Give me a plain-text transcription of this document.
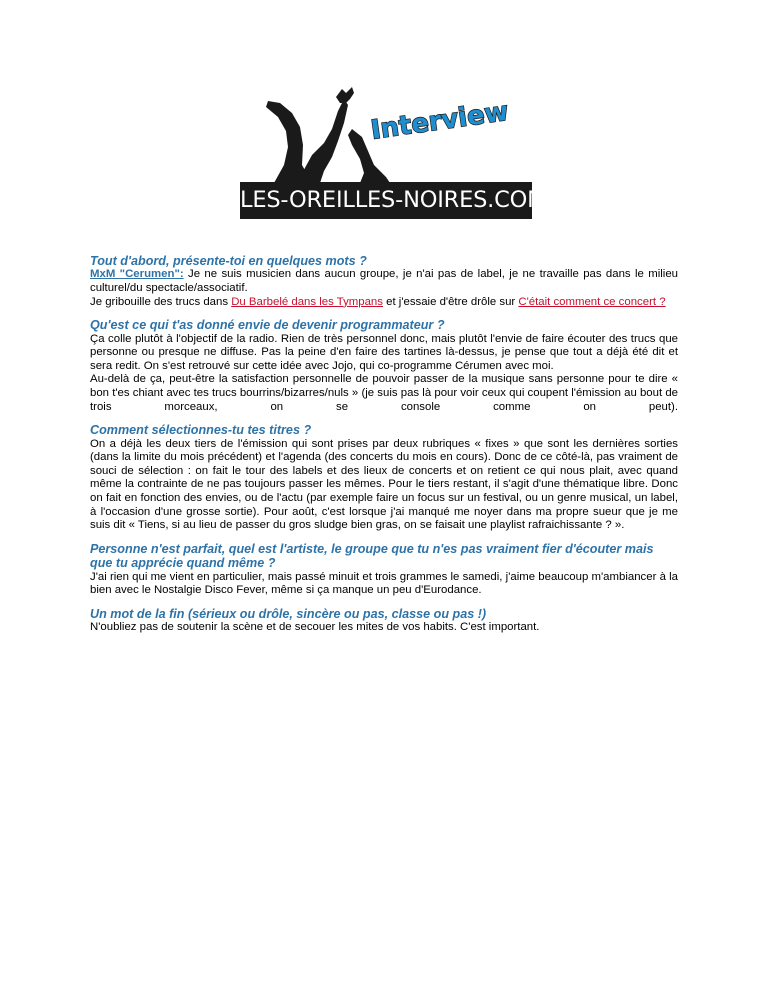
Interview
LES-OREILLES-NOIRES.COM
Tout d'abord, présente-toi en quelques mots ?

MxM "Cerumen": Je ne suis musicien dans aucun groupe, je n'ai pas de label, je ne travaille pas dans le milieu culturel/du spectacle/associatif.

Je gribouille des trucs dans Du Barbelé dans les Tympans et j'essaie d'être drôle sur C'était comment ce concert ?

Qu'est ce qui t'as donné envie de devenir programmateur ?

Ça colle plutôt à l'objectif de la radio. Rien de très personnel donc, mais plutôt l'envie de faire écouter des trucs que personne ou presque ne diffuse. Pas la peine d'en faire des tartines là-dessus, je pense que tout a déjà été dit et sera redit. On s'est retrouvé sur cette idée avec Jojo, qui co-programme Cérumen avec moi.

Au-delà de ça, peut-être la satisfaction personnelle de pouvoir passer de la musique sans personne pour te dire « bon t'es chiant avec tes trucs bourrins/bizarres/nuls » (je suis pas là pour voir ceux qui coupent l'émission au bout de trois morceaux, on se console comme on peut).

Comment sélectionnes-tu tes titres ?

On a déjà les deux tiers de l'émission qui sont prises par deux rubriques « fixes » que sont les dernières sorties (dans la limite du mois précédent) et l'agenda (des concerts du mois en cours). Donc de ce côté-là, pas vraiment de souci de sélection : on fait le tour des labels et des lieux de concerts et on retient ce qui nous plait, avec quand même la contrainte de ne pas toujours passer les mêmes. Pour le tiers restant, il s'agit d'une thématique libre. Donc on fait en fonction des envies, ou de l'actu (par exemple faire un focus sur un festival, ou un genre musical, un label, à l'occasion d'une grosse sortie). Pour août, c'est lorsque j'ai manqué me noyer dans ma propre sueur que je me suis dit « Tiens, si au lieu de passer du gros sludge bien gras, on se faisait une playlist rafraichissante ? ».

Personne n'est parfait, quel est l'artiste, le groupe que tu n'es pas vraiment fier d'écouter mais que tu apprécie quand même ?

J'ai rien qui me vient en particulier, mais passé minuit et trois grammes le samedi, j'aime beaucoup m'ambiancer à la bien avec le Nostalgie Disco Fever, même si ça manque un peu d'Eurodance.

Un mot de la fin (sérieux ou drôle, sincère ou pas, classe ou pas !)

N'oubliez pas de soutenir la scène et de secouer les mites de vos habits. C'est important.
